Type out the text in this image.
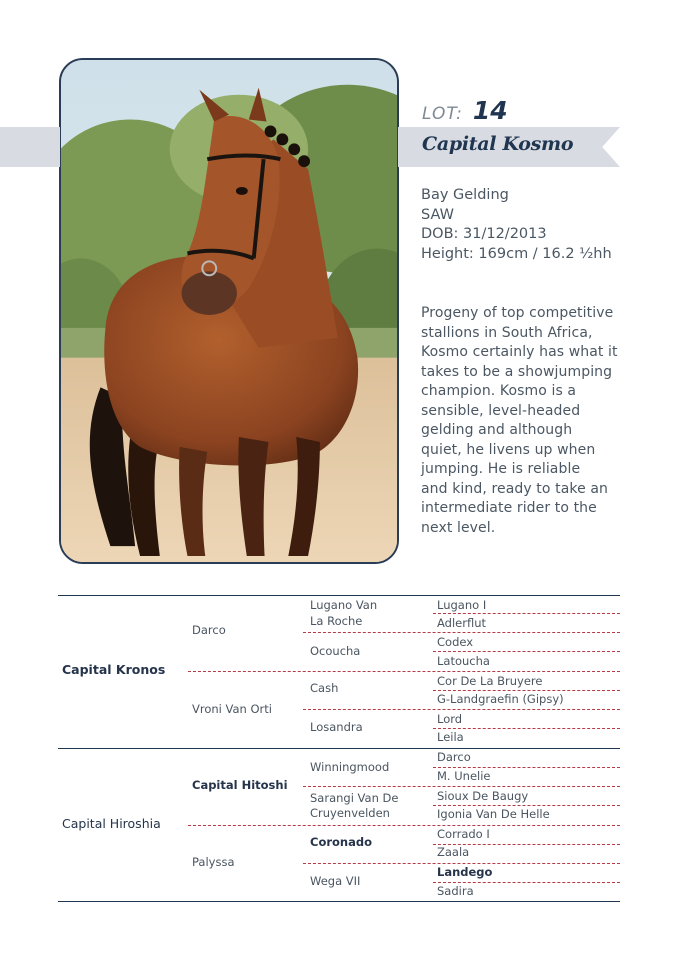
LOT: 14
Capital Kosmo
Bay Gelding
SAW
DOB: 31/12/2013
Height: 169cm / 16.2 ½hh
Progeny of top competitive
stallions in South Africa,
Kosmo certainly has what it
takes to be a showjumping
champion. Kosmo is a
sensible, level-headed
gelding and although
quiet, he livens up when
jumping. He is reliable
and kind, ready to take an
intermediate rider to the
next level.
Capital Kronos
Capital Hiroshia
Darco
Vroni Van Orti
Capital Hitoshi
Palyssa
Lugano Van
La Roche
Ocoucha
Cash
Losandra
Winningmood
Sarangi Van De
Cruyenvelden
Coronado
Wega VII
Lugano I
Adlerflut
Codex
Latoucha
Cor De La Bruyere
G-Landgraefin (Gipsy)
Lord
Leila
Darco
M. Unelie
Sioux De Baugy
Igonia Van De Helle
Corrado I
Zaala
Landego
Sadira
